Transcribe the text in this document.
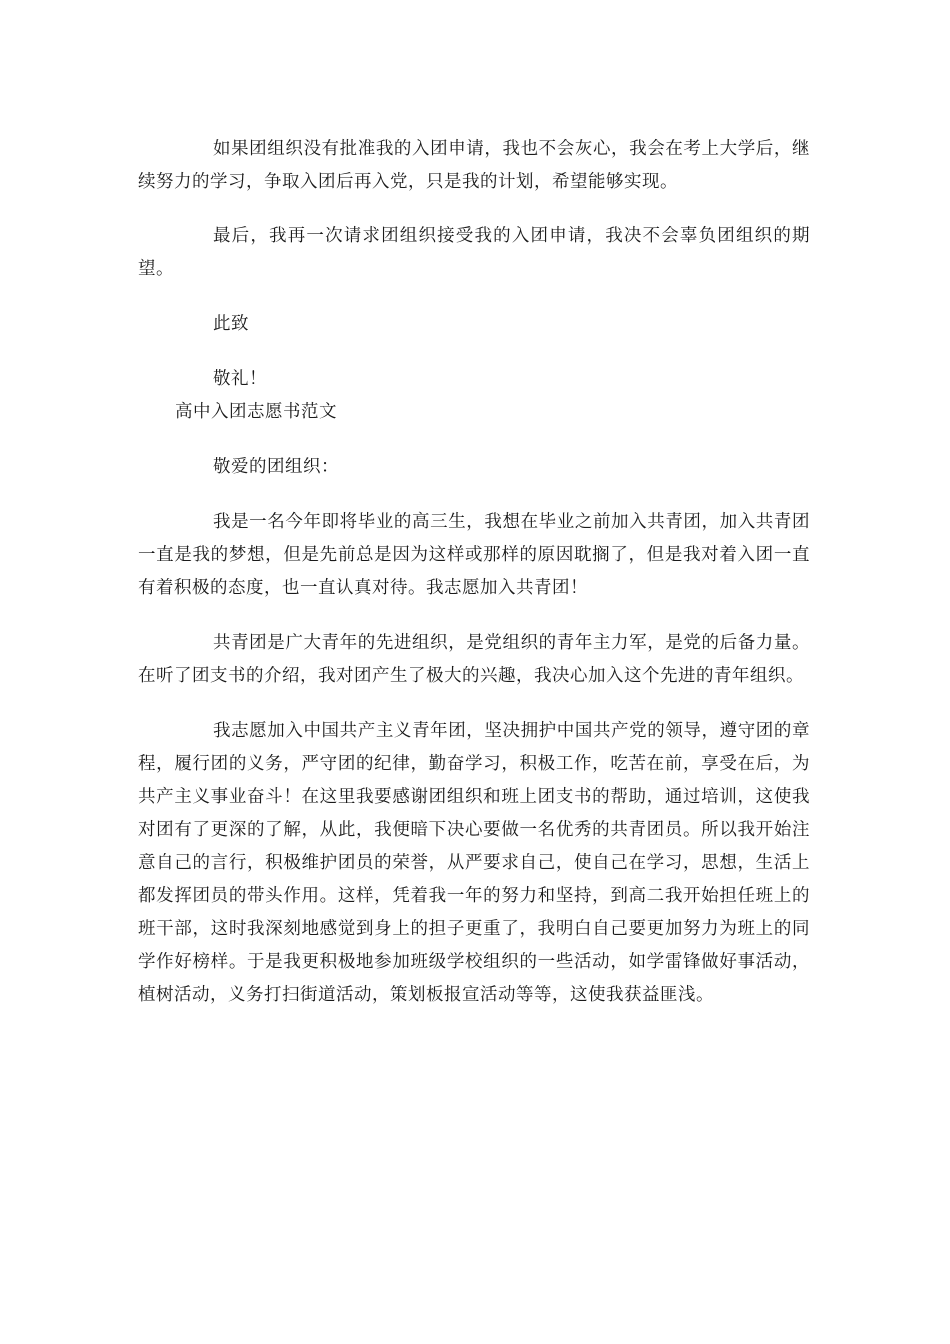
如果团组织没有批准我的入团申请，我也不会灰心，我会在考上大学后，继续努力的学习，争取入团后再入党，只是我的计划，希望能够实现。

最后，我再一次请求团组织接受我的入团申请，我决不会辜负团组织的期望。

此致

敬礼！

高中入团志愿书范文

敬爱的团组织：

我是一名今年即将毕业的高三生，我想在毕业之前加入共青团，加入共青团一直是我的梦想，但是先前总是因为这样或那样的原因耽搁了，但是我对着入团一直有着积极的态度，也一直认真对待。我志愿加入共青团！

共青团是广大青年的先进组织，是党组织的青年主力军，是党的后备力量。在听了团支书的介绍，我对团产生了极大的兴趣，我决心加入这个先进的青年组织。

我志愿加入中国共产主义青年团，坚决拥护中国共产党的领导，遵守团的章程，履行团的义务，严守团的纪律，勤奋学习，积极工作，吃苦在前，享受在后，为共产主义事业奋斗！在这里我要感谢团组织和班上团支书的帮助，通过培训，这使我对团有了更深的了解，从此，我便暗下决心要做一名优秀的共青团员。所以我开始注意自己的言行，积极维护团员的荣誉，从严要求自己，使自己在学习，思想，生活上都发挥团员的带头作用。这样，凭着我一年的努力和坚持，到高二我开始担任班上的班干部，这时我深刻地感觉到身上的担子更重了，我明白自己要更加努力为班上的同学作好榜样。于是我更积极地参加班级学校组织的一些活动，如学雷锋做好事活动，植树活动，义务打扫街道活动，策划板报宣活动等等，这使我获益匪浅。
